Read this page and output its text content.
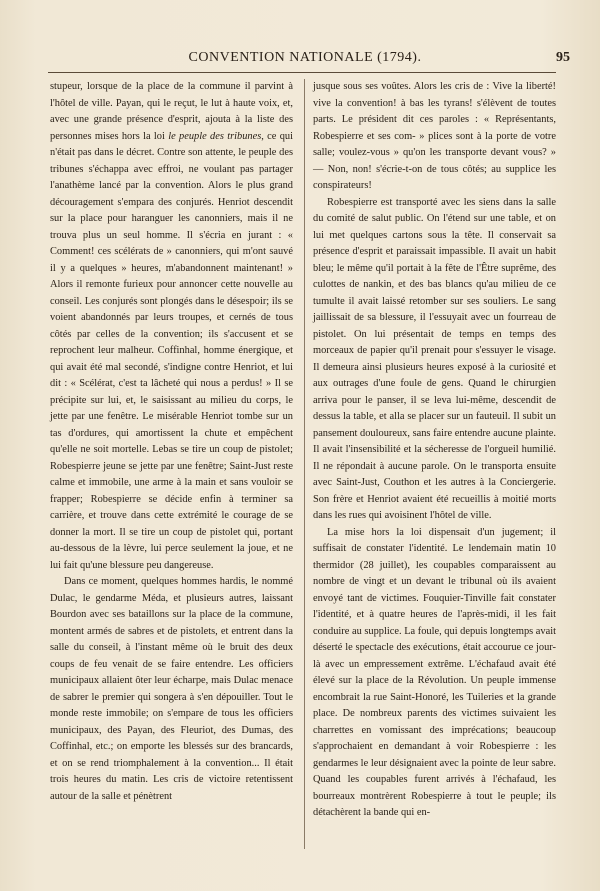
CONVENTION NATIONALE (1794).	95

stupeur, lorsque de la place de la commune il parvint à l'hôtel de ville. Payan, qui le reçut, le lut à haute voix, et, avec une grande présence d'esprit, ajouta à la liste des personnes mises hors la loi le peuple des tribunes, ce qui n'était pas dans le décret. Contre son attente, le peuple des tribunes s'échappa avec effroi, ne voulant pas partager l'anathème lancé par la convention. Alors le plus grand découragement s'empara des conjurés. Henriot descendit sur la place pour haranguer les canonniers, mais il ne trouva plus un seul homme. Il s'écria en jurant : « Comment! ces scélérats de » canonniers, qui m'ont sauvé il y a quelques » heures, m'abandonnent maintenant! » Alors il remonte furieux pour annoncer cette nouvelle au conseil. Les conjurés sont plongés dans le désespoir; ils se voient abandonnés par leurs troupes, et cernés de tous côtés par celles de la convention; ils s'accusent et se reprochent leur malheur. Coffinhal, homme énergique, et qui avait été mal secondé, s'indigne contre Henriot, et lui dit : « Scélérat, c'est ta lâcheté qui nous a perdus! » Il se précipite sur lui, et, le saisissant au milieu du corps, le jette par une fenêtre. Le misérable Henriot tombe sur un tas d'ordures, qui amortissent la chute et empêchent qu'elle ne soit mortelle. Lebas se tire un coup de pistolet; Robespierre jeune se jette par une fenêtre; Saint-Just reste calme et immobile, une arme à la main et sans vouloir se frapper; Robespierre se décide enfin à terminer sa carrière, et trouve dans cette extrémité le courage de se donner la mort. Il se tire un coup de pistolet qui, portant au-dessous de la lèvre, lui perce seulement la joue, et ne lui fait qu'une blessure peu dangereuse.

Dans ce moment, quelques hommes hardis, le nommé Dulac, le gendarme Méda, et plusieurs autres, laissant Bourdon avec ses bataillons sur la place de la commune, montent armés de sabres et de pistolets, et entrent dans la salle du conseil, à l'instant même où le bruit des deux coups de feu venait de se faire entendre. Les officiers municipaux allaient ôter leur écharpe, mais Dulac menace de sabrer le premier qui songera à s'en dépouiller. Tout le monde reste immobile; on s'empare de tous les officiers municipaux, des Payan, des Fleuriot, des Dumas, des Coffinhal, etc.; on emporte les blessés sur des brancards, et on se rend triomphalement à la convention... Il était trois heures du matin. Les cris de victoire retentissent autour de la salle et pénètrent

jusque sous ses voûtes. Alors les cris de : Vive la liberté! vive la convention! à bas les tyrans! s'élèvent de toutes parts. Le président dit ces paroles : « Représentants, Robespierre et ses com- » plices sont à la porte de votre salle; voulez-vous » qu'on les transporte devant vous? » — Non, non! s'écrie-t-on de tous côtés; au supplice les conspirateurs!

Robespierre est transporté avec les siens dans la salle du comité de salut public. On l'étend sur une table, et on lui met quelques cartons sous la tête. Il conservait sa présence d'esprit et paraissait impassible. Il avait un habit bleu; le même qu'il portait à la fête de l'Être suprême, des culottes de nankin, et des bas blancs qu'au milieu de ce tumulte il avait laissé retomber sur ses souliers. Le sang jaillissait de sa blessure, il l'essuyait avec un fourreau de pistolet. On lui présentait de temps en temps des morceaux de papier qu'il prenait pour s'essuyer le visage. Il demeura ainsi plusieurs heures exposé à la curiosité et aux outrages d'une foule de gens. Quand le chirurgien arriva pour le panser, il se leva lui-même, descendit de dessus la table, et alla se placer sur un fauteuil. Il subit un pansement douloureux, sans faire entendre aucune plainte. Il avait l'insensibilité et la sécheresse de l'orgueil humilié. Il ne répondait à aucune parole. On le transporta ensuite avec Saint-Just, Couthon et les autres à la Conciergerie. Son frère et Henriot avaient été recueillis à moitié morts dans les rues qui avoisinent l'hôtel de ville.

La mise hors la loi dispensait d'un jugement; il suffisait de constater l'identité. Le lendemain matin 10 thermidor (28 juillet), les coupables comparaissent au nombre de vingt et un devant le tribunal où ils avaient envoyé tant de victimes. Fouquier-Tinville fait constater l'identité, et à quatre heures de l'après-midi, il les fait conduire au supplice. La foule, qui depuis longtemps avait déserté le spectacle des exécutions, était accourue ce jour-là avec un empressement extrême. L'échafaud avait été élevé sur la place de la Révolution. Un peuple immense encombrait la rue Saint-Honoré, les Tuileries et la grande place. De nombreux parents des victimes suivaient les charrettes en vomissant des imprécations; beaucoup s'approchaient en demandant à voir Robespierre : les gendarmes le leur désignaient avec la pointe de leur sabre. Quand les coupables furent arrivés à l'échafaud, les bourreaux montrèrent Robespierre à tout le peuple; ils détachèrent la bande qui en-
